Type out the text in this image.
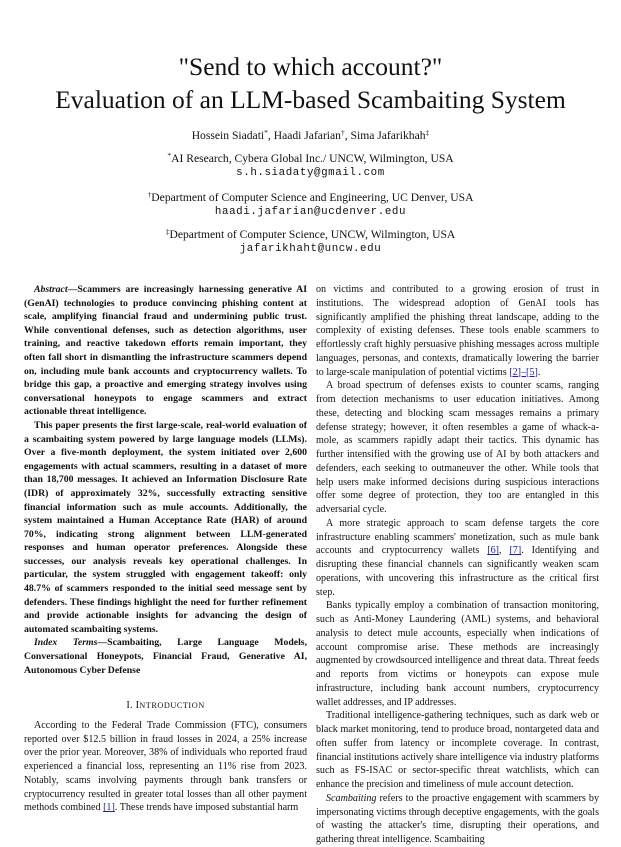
"Send to which account?"
Evaluation of an LLM-based Scambaiting System
Hossein Siadati*, Haadi Jafarian†, Sima Jafarikhah‡
*AI Research, Cybera Global Inc./ UNCW, Wilmington, USA
s.h.siadaty@gmail.com
†Department of Computer Science and Engineering, UC Denver, USA
haadi.jafarian@ucdenver.edu
‡Department of Computer Science, UNCW, Wilmington, USA
jafarikhaht@uncw.edu

Abstract—Scammers are increasingly harnessing generative AI (GenAI) technologies to produce convincing phishing content at scale, amplifying financial fraud and undermining public trust. While conventional defenses, such as detection algorithms, user training, and reactive takedown efforts remain important, they often fall short in dismantling the infrastructure scammers depend on, including mule bank accounts and cryptocurrency wallets. To bridge this gap, a proactive and emerging strategy involves using conversational honeypots to engage scammers and extract actionable threat intelligence.

This paper presents the first large-scale, real-world evaluation of a scambaiting system powered by large language models (LLMs). Over a five-month deployment, the system initiated over 2,600 engagements with actual scammers, resulting in a dataset of more than 18,700 messages. It achieved an Information Disclosure Rate (IDR) of approximately 32%, successfully extracting sensitive financial information such as mule accounts. Additionally, the system maintained a Human Acceptance Rate (HAR) of around 70%, indicating strong alignment between LLM-generated responses and human operator preferences. Alongside these successes, our analysis reveals key operational challenges. In particular, the system struggled with engagement takeoff: only 48.7% of scammers responded to the initial seed message sent by defenders. These findings highlight the need for further refinement and provide actionable insights for advancing the design of automated scambaiting systems.

Index Terms—Scambaiting, Large Language Models, Conversational Honeypots, Financial Fraud, Generative AI, Autonomous Cyber Defense

I. INTRODUCTION

According to the Federal Trade Commission (FTC), consumers reported over $12.5 billion in fraud losses in 2024, a 25% increase over the prior year. Moreover, 38% of individuals who reported fraud experienced a financial loss, representing an 11% rise from 2023. Notably, scams involving payments through bank transfers or cryptocurrency resulted in greater total losses than all other payment methods combined [1]. These trends have imposed substantial harm

on victims and contributed to a growing erosion of trust in institutions. The widespread adoption of GenAI tools has significantly amplified the phishing threat landscape, adding to the complexity of existing defenses. These tools enable scammers to effortlessly craft highly persuasive phishing messages across multiple languages, personas, and contexts, dramatically lowering the barrier to large-scale manipulation of potential victims [2]–[5].

A broad spectrum of defenses exists to counter scams, ranging from detection mechanisms to user education initiatives. Among these, detecting and blocking scam messages remains a primary defense strategy; however, it often resembles a game of whack-a-mole, as scammers rapidly adapt their tactics. This dynamic has further intensified with the growing use of AI by both attackers and defenders, each seeking to outmaneuver the other. While tools that help users make informed decisions during suspicious interactions offer some degree of protection, they too are entangled in this adversarial cycle.

A more strategic approach to scam defense targets the core infrastructure enabling scammers' monetization, such as mule bank accounts and cryptocurrency wallets [6], [7]. Identifying and disrupting these financial channels can significantly weaken scam operations, with uncovering this infrastructure as the critical first step.

Banks typically employ a combination of transaction monitoring, such as Anti-Money Laundering (AML) systems, and behavioral analysis to detect mule accounts, especially when indications of account compromise arise. These methods are increasingly augmented by crowdsourced intelligence and threat data. Threat feeds and reports from victims or honeypots can expose mule infrastructure, including bank account numbers, cryptocurrency wallet addresses, and IP addresses.

Traditional intelligence-gathering techniques, such as dark web or black market monitoring, tend to produce broad, nontargeted data and often suffer from latency or incomplete coverage. In contrast, financial institutions actively share intelligence via industry platforms such as FS-ISAC or sector-specific threat watchlists, which can enhance the precision and timeliness of mule account detection.

Scambaiting refers to the proactive engagement with scammers by impersonating victims through deceptive engagements, with the goals of wasting the attacker's time, disrupting their operations, and gathering threat intelligence. Scambaiting
